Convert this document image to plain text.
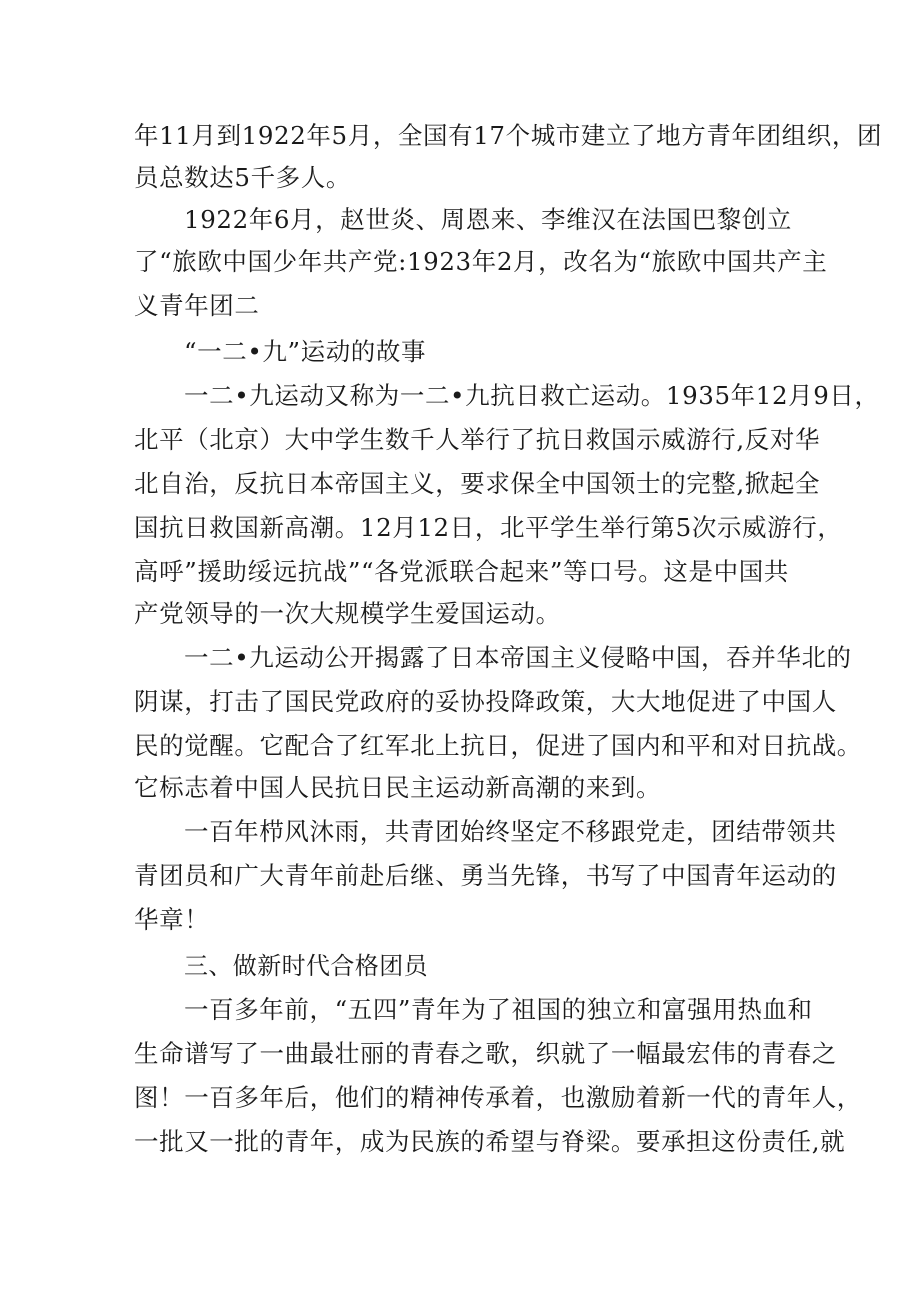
年11月到1922年5月，全国有17个城市建立了地方青年团组织，团
员总数达5千多人。
1922年6月，赵世炎、周恩来、李维汉在法国巴黎创立
了“旅欧中国少年共产党:1923年2月，改名为“旅欧中国共产主
义青年团二
“一二•九”运动的故事
一二•九运动又称为一二•九抗日救亡运动。1935年12月9日，
北平（北京）大中学生数千人举行了抗日救国示威游行,反对华
北自治，反抗日本帝国主义，要求保全中国领士的完整,掀起全
国抗日救国新高潮。12月12日，北平学生举行第5次示威游行，
高呼”援助绥远抗战”“各党派联合起来”等口号。这是中国共
产党领导的一次大规模学生爱国运动。
一二•九运动公开揭露了日本帝国主义侵略中国，吞并华北的
阴谋，打击了国民党政府的妥协投降政策，大大地促进了中国人
民的觉醒。它配合了红军北上抗日，促进了国内和平和对日抗战。
它标志着中国人民抗日民主运动新高潮的来到。
一百年栉风沐雨，共青团始终坚定不移跟党走，团结带领共
青团员和广大青年前赴后继、勇当先锋，书写了中国青年运动的
华章！
三、做新时代合格团员
一百多年前，“五四”青年为了祖国的独立和富强用热血和
生命谱写了一曲最壮丽的青春之歌，织就了一幅最宏伟的青春之
图！一百多年后，他们的精神传承着，也激励着新一代的青年人，
一批又一批的青年，成为民族的希望与脊梁。要承担这份责任,就
